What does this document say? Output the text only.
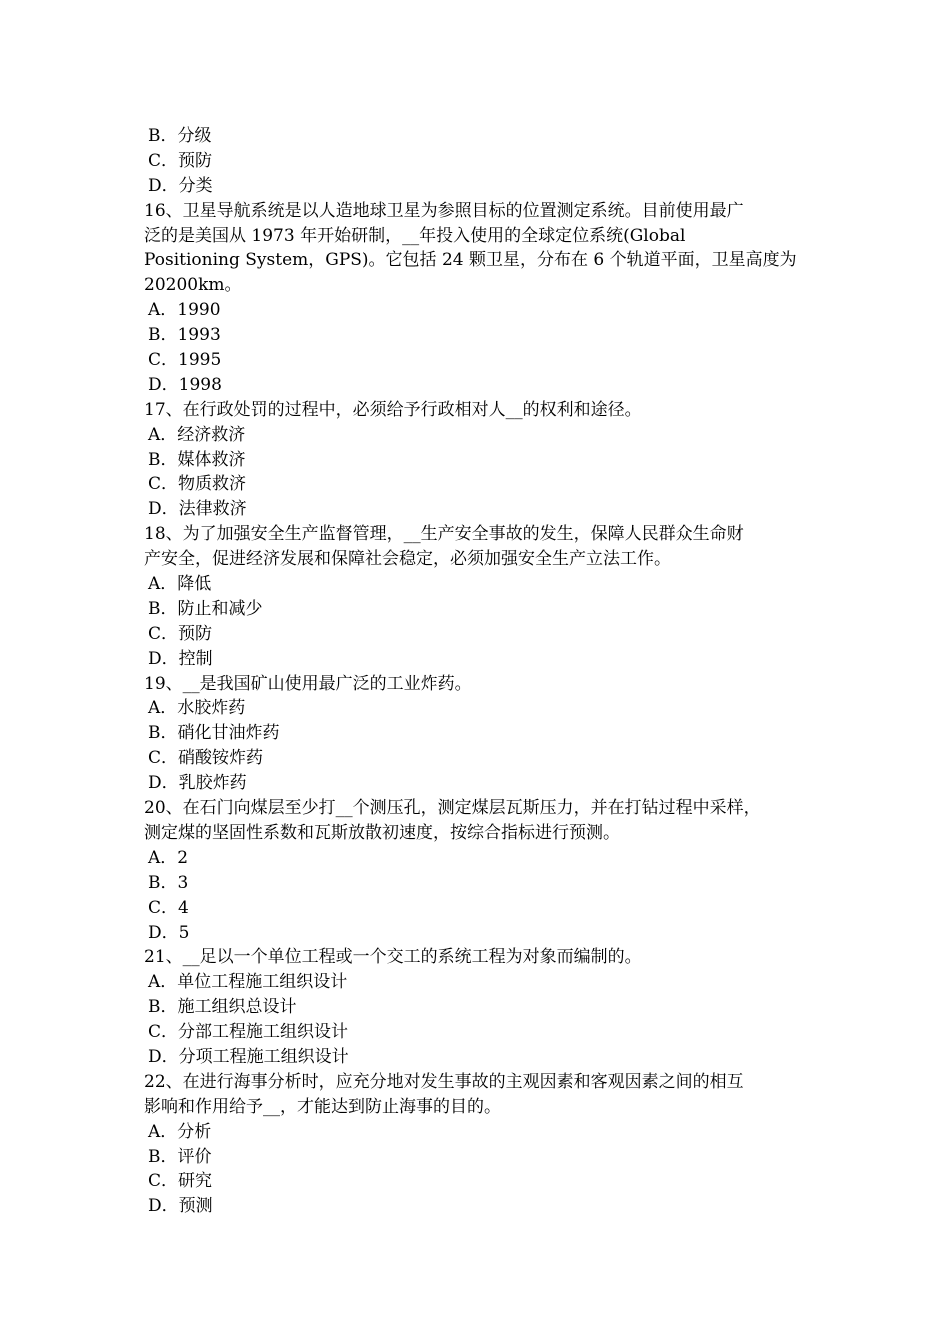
B．分级
C．预防
D．分类
16、卫星导航系统是以人造地球卫星为参照目标的位置测定系统。目前使用最广
泛的是美国从 1973 年开始研制，__年投入使用的全球定位系统(Global
Positioning System，GPS)。它包括 24 颗卫星，分布在 6 个轨道平面，卫星高度为
20200km。
A．1990
B．1993
C．1995
D．1998
17、在行政处罚的过程中，必须给予行政相对人__的权利和途径。
A．经济救济
B．媒体救济
C．物质救济
D．法律救济
18、为了加强安全生产监督管理，__生产安全事故的发生，保障人民群众生命财
产安全，促进经济发展和保障社会稳定，必须加强安全生产立法工作。
A．降低
B．防止和减少
C．预防
D．控制
19、__是我国矿山使用最广泛的工业炸药。
A．水胶炸药
B．硝化甘油炸药
C．硝酸铵炸药
D．乳胶炸药
20、在石门向煤层至少打__个测压孔，测定煤层瓦斯压力，并在打钻过程中采样，
测定煤的坚固性系数和瓦斯放散初速度，按综合指标进行预测。
A．2
B．3
C．4
D．5
21、__足以一个单位工程或一个交工的系统工程为对象而编制的。
A．单位工程施工组织设计
B．施工组织总设计
C．分部工程施工组织设计
D．分项工程施工组织设计
22、在进行海事分析时，应充分地对发生事故的主观因素和客观因素之间的相互
影响和作用给予__，才能达到防止海事的目的。
A．分析
B．评价
C．研究
D．预测
